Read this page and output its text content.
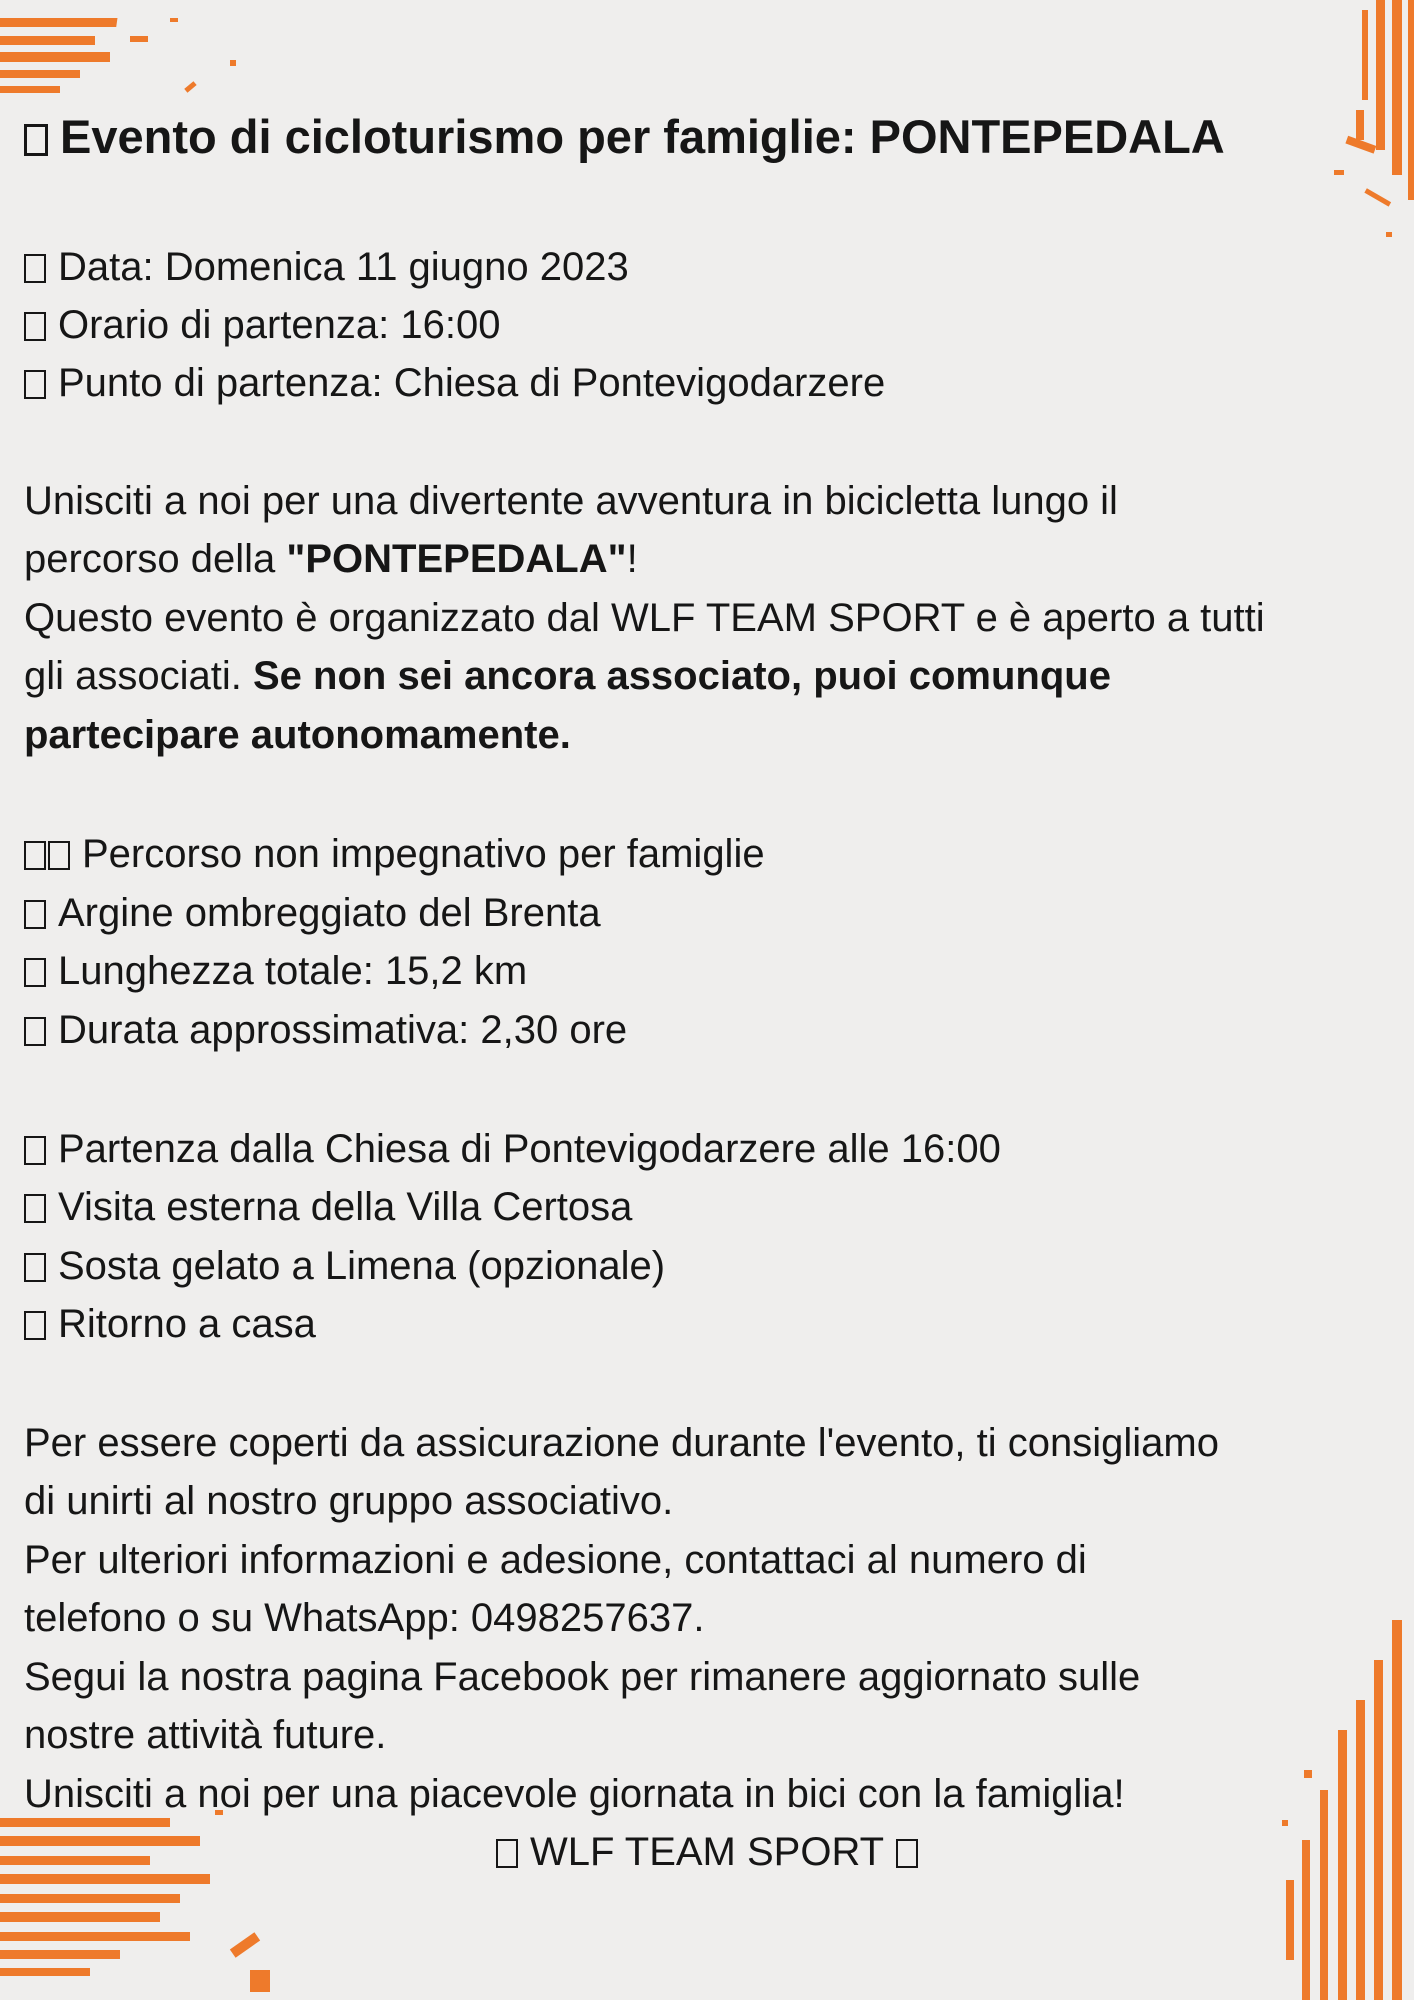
Evento di cicloturismo per famiglie: PONTEPEDALA

Data: Domenica 11 giugno 2023

Orario di partenza: 16:00

Punto di partenza: Chiesa di Pontevigodarzere

Unisciti a noi per una divertente avventura in bicicletta lungo il

percorso della "PONTEPEDALA"!

Questo evento è organizzato dal WLF TEAM SPORT e è aperto a tutti

gli associati. Se non sei ancora associato, puoi comunque

partecipare autonomamente.

Percorso non impegnativo per famiglie

Argine ombreggiato del Brenta

Lunghezza totale: 15,2 km

Durata approssimativa: 2,30 ore

Partenza dalla Chiesa di Pontevigodarzere alle 16:00

Visita esterna della Villa Certosa

Sosta gelato a Limena (opzionale)

Ritorno a casa

Per essere coperti da assicurazione durante l'evento, ti consigliamo

di unirti al nostro gruppo associativo.

Per ulteriori informazioni e adesione, contattaci al numero di

telefono o su WhatsApp: 0498257637.

Segui la nostra pagina Facebook per rimanere aggiornato sulle

nostre attività future.

Unisciti a noi per una piacevole giornata in bici con la famiglia!

WLF TEAM SPORT
